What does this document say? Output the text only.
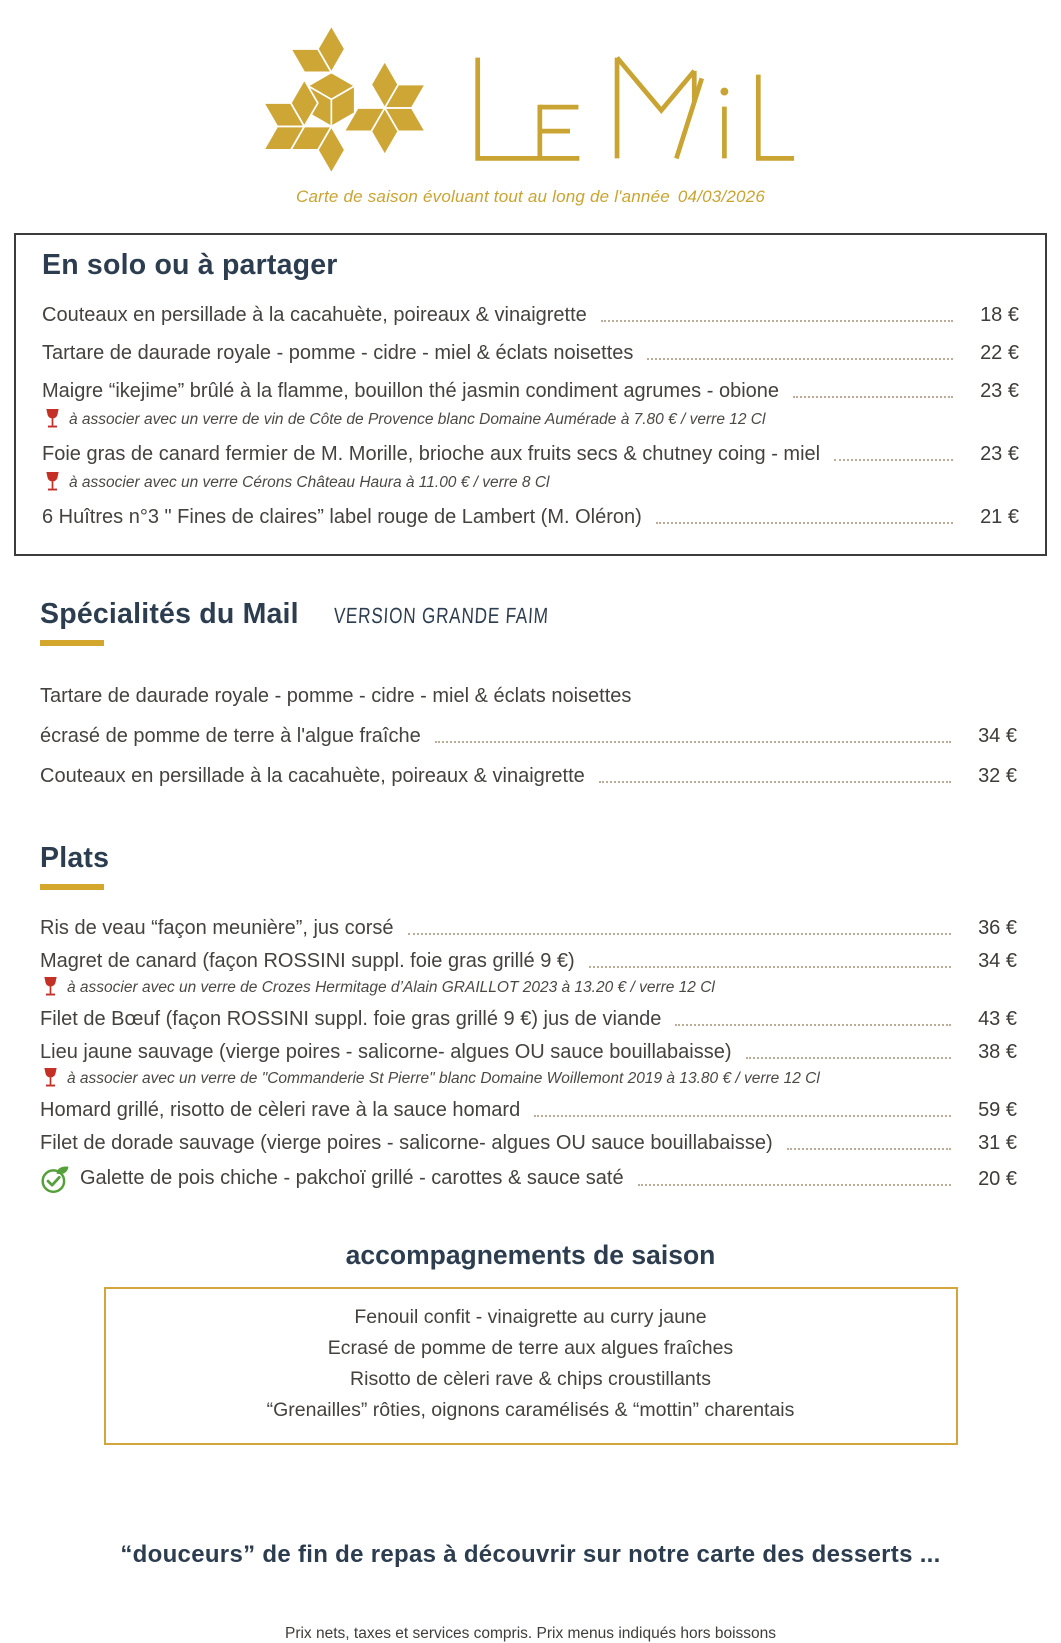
Carte de saison évoluant tout au long de l'année 04/03/2026
En solo ou à partager
Couteaux en persillade à la cacahuète, poireaux & vinaigrette	18 €
Tartare de daurade royale - pomme - cidre - miel & éclats noisettes	22 €
Maigre “ikejime” brûlé à la flamme, bouillon thé jasmin condiment agrumes - obione	23 €
à associer avec un verre de vin de Côte de Provence blanc Domaine Aumérade à 7.80 € / verre 12 Cl
Foie gras de canard fermier de M. Morille, brioche aux fruits secs & chutney coing - miel	23 €
à associer avec un verre Cérons Château Haura à 11.00 € / verre 8 Cl
6 Huîtres n°3 " Fines de claires” label rouge de Lambert (M. Oléron)	21 €
Spécialités du Mail VERSION GRANDE FAIM
Tartare de daurade royale - pomme - cidre - miel & éclats noisettes
écrasé de pomme de terre à l'algue fraîche	34 €
Couteaux en persillade à la cacahuète, poireaux & vinaigrette	32 €
Plats
Ris de veau “façon meunière”, jus corsé	36 €
Magret de canard (façon ROSSINI suppl. foie gras grillé 9 €)	34 €
à associer avec un verre de Crozes Hermitage d’Alain GRAILLOT 2023 à 13.20 € / verre 12 Cl
Filet de Bœuf (façon ROSSINI suppl. foie gras grillé 9 €) jus de viande	43 €
Lieu jaune sauvage (vierge poires - salicorne- algues OU sauce bouillabaisse)	38 €
à associer avec un verre de "Commanderie St Pierre" blanc Domaine Woillemont 2019 à 13.80 € / verre 12 Cl
Homard grillé, risotto de cèleri rave à la sauce homard	59 €
Filet de dorade sauvage (vierge poires - salicorne- algues OU sauce bouillabaisse)	31 €
Galette de pois chiche - pakchoï grillé - carottes & sauce saté	20 €
accompagnements de saison
Fenouil confit - vinaigrette au curry jaune
Ecrasé de pomme de terre aux algues fraîches
Risotto de cèleri rave & chips croustillants
“Grenailles” rôties, oignons caramélisés & “mottin” charentais
“douceurs” de fin de repas à découvrir sur notre carte des desserts ...
Prix nets, taxes et services compris. Prix menus indiqués hors boissons
